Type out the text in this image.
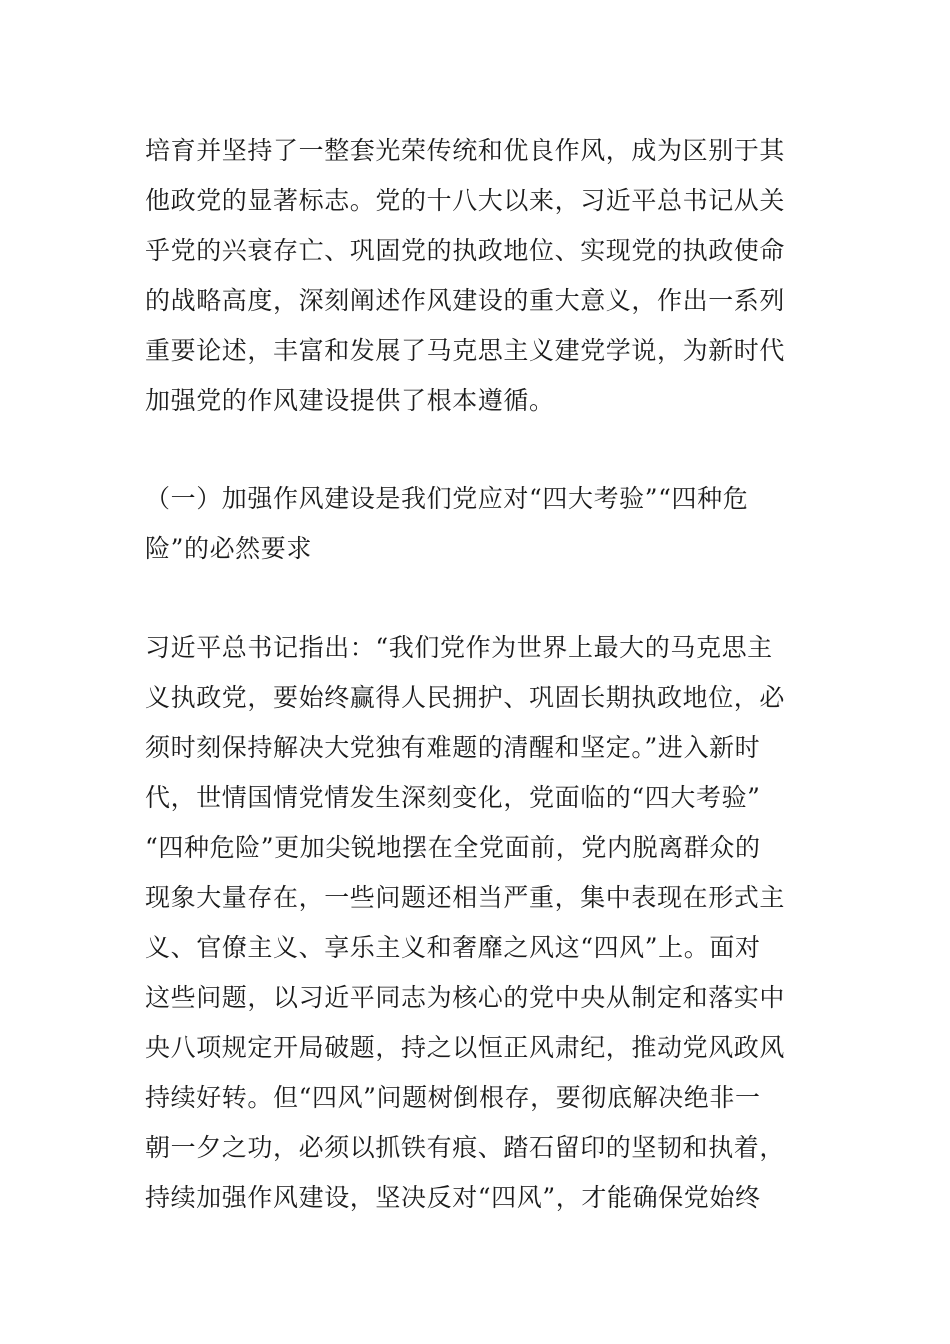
培育并坚持了一整套光荣传统和优良作风，成为区别于其
他政党的显著标志。党的十八大以来，习近平总书记从关
乎党的兴衰存亡、巩固党的执政地位、实现党的执政使命
的战略高度，深刻阐述作风建设的重大意义，作出一系列
重要论述，丰富和发展了马克思主义建党学说，为新时代
加强党的作风建设提供了根本遵循。
（一）加强作风建设是我们党应对“四大考验”“四种危
险”的必然要求
习近平总书记指出：“我们党作为世界上最大的马克思主
义执政党，要始终赢得人民拥护、巩固长期执政地位，必
须时刻保持解决大党独有难题的清醒和坚定。”进入新时
代，世情国情党情发生深刻变化，党面临的“四大考验”
“四种危险”更加尖锐地摆在全党面前，党内脱离群众的
现象大量存在，一些问题还相当严重，集中表现在形式主
义、官僚主义、享乐主义和奢靡之风这“四风”上。面对
这些问题，以习近平同志为核心的党中央从制定和落实中
央八项规定开局破题，持之以恒正风肃纪，推动党风政风
持续好转。但“四风”问题树倒根存，要彻底解决绝非一
朝一夕之功，必须以抓铁有痕、踏石留印的坚韧和执着，
持续加强作风建设，坚决反对“四风”，才能确保党始终
